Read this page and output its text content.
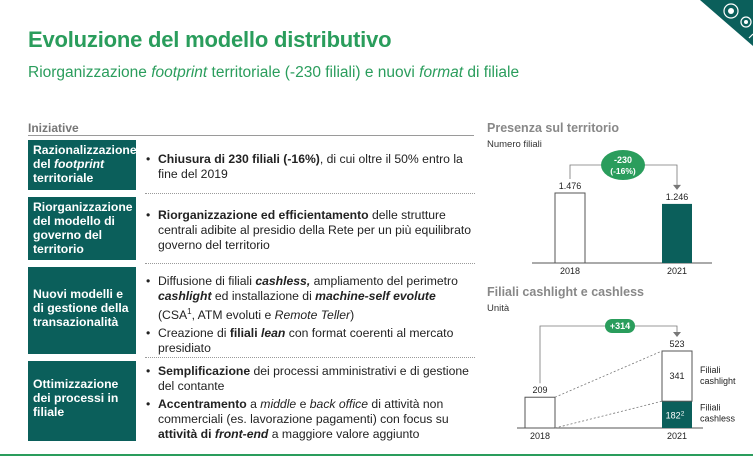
Evoluzione del modello distributivo
Riorganizzazione footprint territoriale (-230 filiali) e nuovi format di filiale
Iniziative
Razionalizzazione del footprint territoriale
• Chiusura di 230 filiali (-16%), di cui oltre il 50% entro la fine del 2019
Riorganizzazione del modello di governo del territorio
• Riorganizzazione ed efficientamento delle strutture centrali adibite al presidio della Rete per un più equilibrato governo del territorio
Nuovi modelli e di gestione della transazionalità
• Diffusione di filiali cashless, ampliamento del perimetro cashlight ed installazione di machine-self evolute (CSA$^1$, ATM evoluti e Remote Teller)
• Creazione di filiali lean con format coerenti al mercato presidiato
Ottimizzazione dei processi in filiale
• Semplificazione dei processi amministrativi e di gestione del contante
• Accentramento a middle e back office di attività non commerciali (es. lavorazione pagamenti) con focus su attività di front-end a maggiore valore aggiunto
Presenza sul territorio
Numero filiali
1.476
1.246
2018	2021
-230
(-16%)
Filiali cashlight e cashless
Unità
209
523
341
$182^2$
2018	2021
Filiali
cashlight
Filiali
cashless
+314
